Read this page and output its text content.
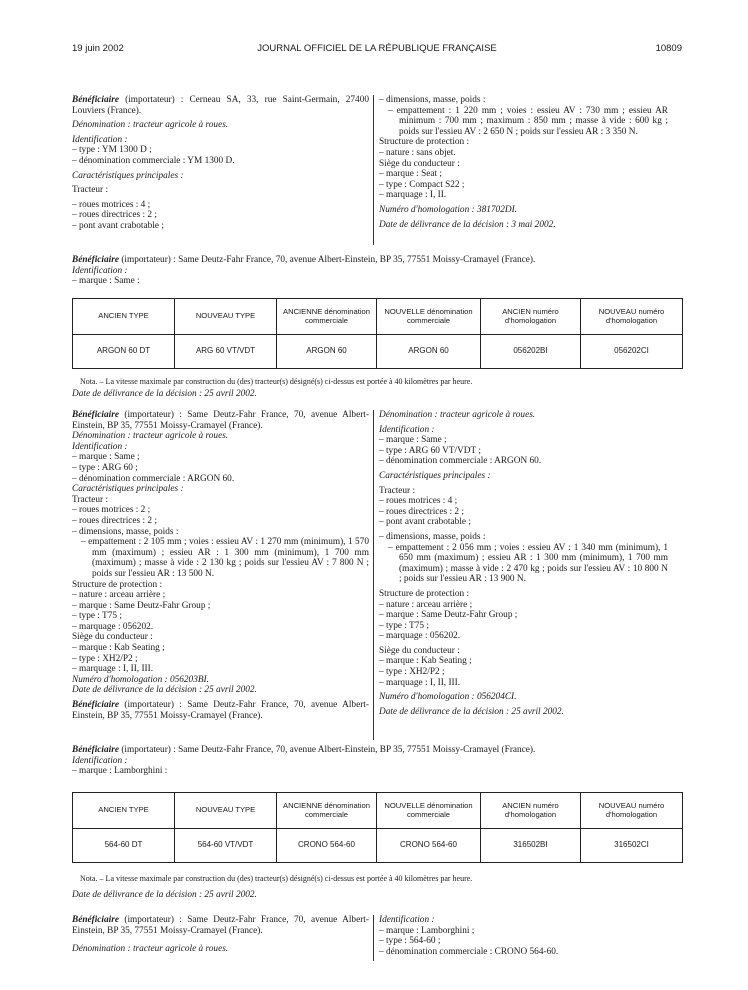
19 juin 2002	JOURNAL OFFICIEL DE LA RÉPUBLIQUE FRANÇAISE	10809

Bénéficiaire (importateur) : Cerneau SA, 33, rue Saint-Germain, 27400 Louviers (France).

Dénomination : tracteur agricole à roues.

Identification :

– type : YM 1300 D ;

– dénomination commerciale : YM 1300 D.

Caractéristiques principales :

Tracteur :

– roues motrices : 4 ;

– roues directrices : 2 ;

– pont avant crabotable ;

– dimensions, masse, poids :

– empattement : 1 220 mm ; voies : essieu AV : 730 mm ; essieu AR minimum : 700 mm ; maximum : 850 mm ; masse à vide : 600 kg ; poids sur l'essieu AV : 2 650 N ; poids sur l'essieu AR : 3 350 N.

Structure de protection :

– nature : sans objet.

Siège du conducteur :

– marque : Seat ;

– type : Compact S22 ;

– marquage : I, II.

Numéro d'homologation : 381702DI.

Date de délivrance de la décision : 3 mai 2002.

Bénéficiaire (importateur) : Same Deutz-Fahr France, 70, avenue Albert-Einstein, BP 35, 77551 Moissy-Cramayel (France).

Identification :

– marque : Same :

ANCIEN TYPE	NOUVEAU TYPE	ANCIENNE dénomination commerciale	NOUVELLE dénomination commerciale	ANCIEN numéro d'homologation	NOUVEAU numéro d'homologation
ARGON 60 DT	ARG 60 VT/VDT	ARGON 60	ARGON 60	056202BI	056202CI
Nota. – La vitesse maximale par construction du (des) tracteur(s) désigné(s) ci-dessus est portée à 40 kilomètres par heure.
Date de délivrance de la décision : 25 avril 2002.

Bénéficiaire (importateur) : Same Deutz-Fahr France, 70, avenue Albert-Einstein, BP 35, 77551 Moissy-Cramayel (France).

Dénomination : tracteur agricole à roues.

Identification :

– marque : Same ;

– type : ARG 60 ;

– dénomination commerciale : ARGON 60.

Caractéristiques principales :

Tracteur :

– roues motrices : 2 ;

– roues directrices : 2 ;

– dimensions, masse, poids :

– empattement : 2 105 mm ; voies : essieu AV : 1 270 mm (minimum), 1 570 mm (maximum) ; essieu AR : 1 300 mm (minimum), 1 700 mm (maximum) ; masse à vide : 2 130 kg ; poids sur l'essieu AV : 7 800 N ; poids sur l'essieu AR : 13 500 N.

Structure de protection :

– nature : arceau arrière ;

– marque : Same Deutz-Fahr Group ;

– type : T75 ;

– marquage : 056202.

Siège du conducteur :

– marque : Kab Seating ;

– type : XH2/P2 ;

– marquage : I, II, III.

Numéro d'homologation : 056203BI.

Date de délivrance de la décision : 25 avril 2002.

Bénéficiaire (importateur) : Same Deutz-Fahr France, 70, avenue Albert-Einstein, BP 35, 77551 Moissy-Cramayel (France).

Dénomination : tracteur agricole à roues.

Identification :

– marque : Same ;

– type : ARG 60 VT/VDT ;

– dénomination commerciale : ARGON 60.

Caractéristiques principales :

Tracteur :

– roues motrices : 4 ;

– roues directrices : 2 ;

– pont avant crabotable ;

– dimensions, masse, poids :

– empattement : 2 056 mm ; voies : essieu AV : 1 340 mm (minimum), 1 650 mm (maximum) ; essieu AR : 1 300 mm (minimum), 1 700 mm (maximum) ; masse à vide : 2 470 kg ; poids sur l'essieu AV : 10 800 N ; poids sur l'essieu AR : 13 900 N.

Structure de protection :

– nature : arceau arrière ;

– marque : Same Deutz-Fahr Group ;

– type : T75 ;

– marquage : 056202.

Siège du conducteur :

– marque : Kab Seating ;

– type : XH2/P2 ;

– marquage : I, II, III.

Numéro d'homologation : 056204CI.

Date de délivrance de la décision : 25 avril 2002.

Bénéficiaire (importateur) : Same Deutz-Fahr France, 70, avenue Albert-Einstein, BP 35, 77551 Moissy-Cramayel (France).

Identification :

– marque : Lamborghini :

ANCIEN TYPE	NOUVEAU TYPE	ANCIENNE dénomination commerciale	NOUVELLE dénomination commerciale	ANCIEN numéro d'homologation	NOUVEAU numéro d'homologation
564-60 DT	564-60 VT/VDT	CRONO 564-60	CRONO 564-60	316502BI	316502CI
Nota. – La vitesse maximale par construction du (des) tracteur(s) désigné(s) ci-dessus est portée à 40 kilomètres par heure.
Date de délivrance de la décision : 25 avril 2002.

Bénéficiaire (importateur) : Same Deutz-Fahr France, 70, avenue Albert-Einstein, BP 35, 77551 Moissy-Cramayel (France).

Dénomination : tracteur agricole à roues.

Identification :

– marque : Lamborghini ;

– type : 564-60 ;

– dénomination commerciale : CRONO 564-60.
